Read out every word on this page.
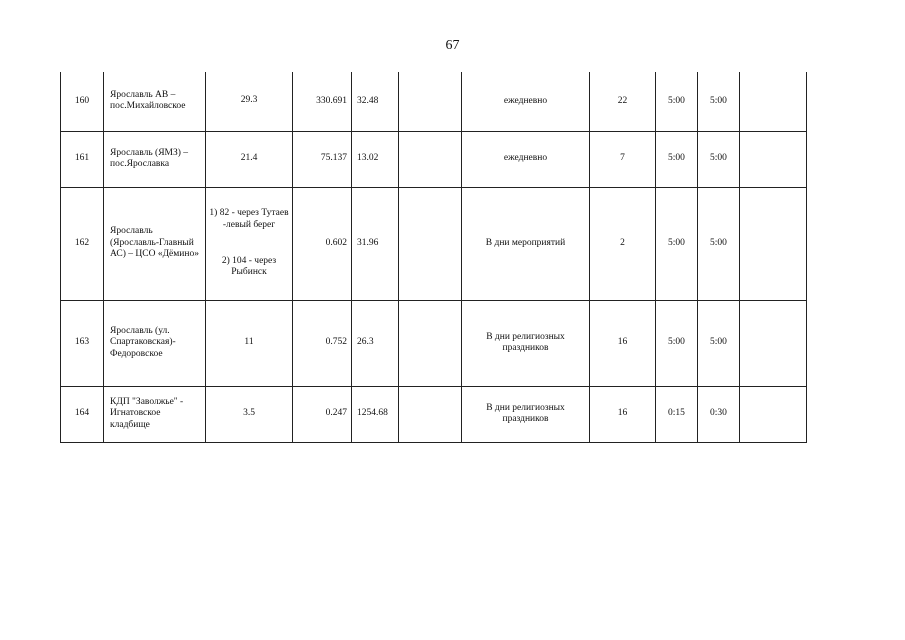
67
160	Ярославль АВ – пос.Михайловское	29.3	330.691	32.48		ежедневно	22	5:00	5:00	
161	Ярославль (ЯМЗ) – пос.Ярославка	21.4	75.137	13.02		ежедневно	7	5:00	5:00	
162	Ярославль (Ярославль-Главный АС) – ЦСО «Дёмино»	1) 82 - через Тутаев -левый берег
2) 104 - через Рыбинск	0.602	31.96		В дни мероприятий	2	5:00	5:00	
163	Ярославль (ул. Спартаковская)-Федоровское	11	0.752	26.3		В дни религиозных праздников	16	5:00	5:00	
164	КДП "Заволжье" - Игнатовское кладбище	3.5	0.247	1254.68		В дни религиозных праздников	16	0:15	0:30	
